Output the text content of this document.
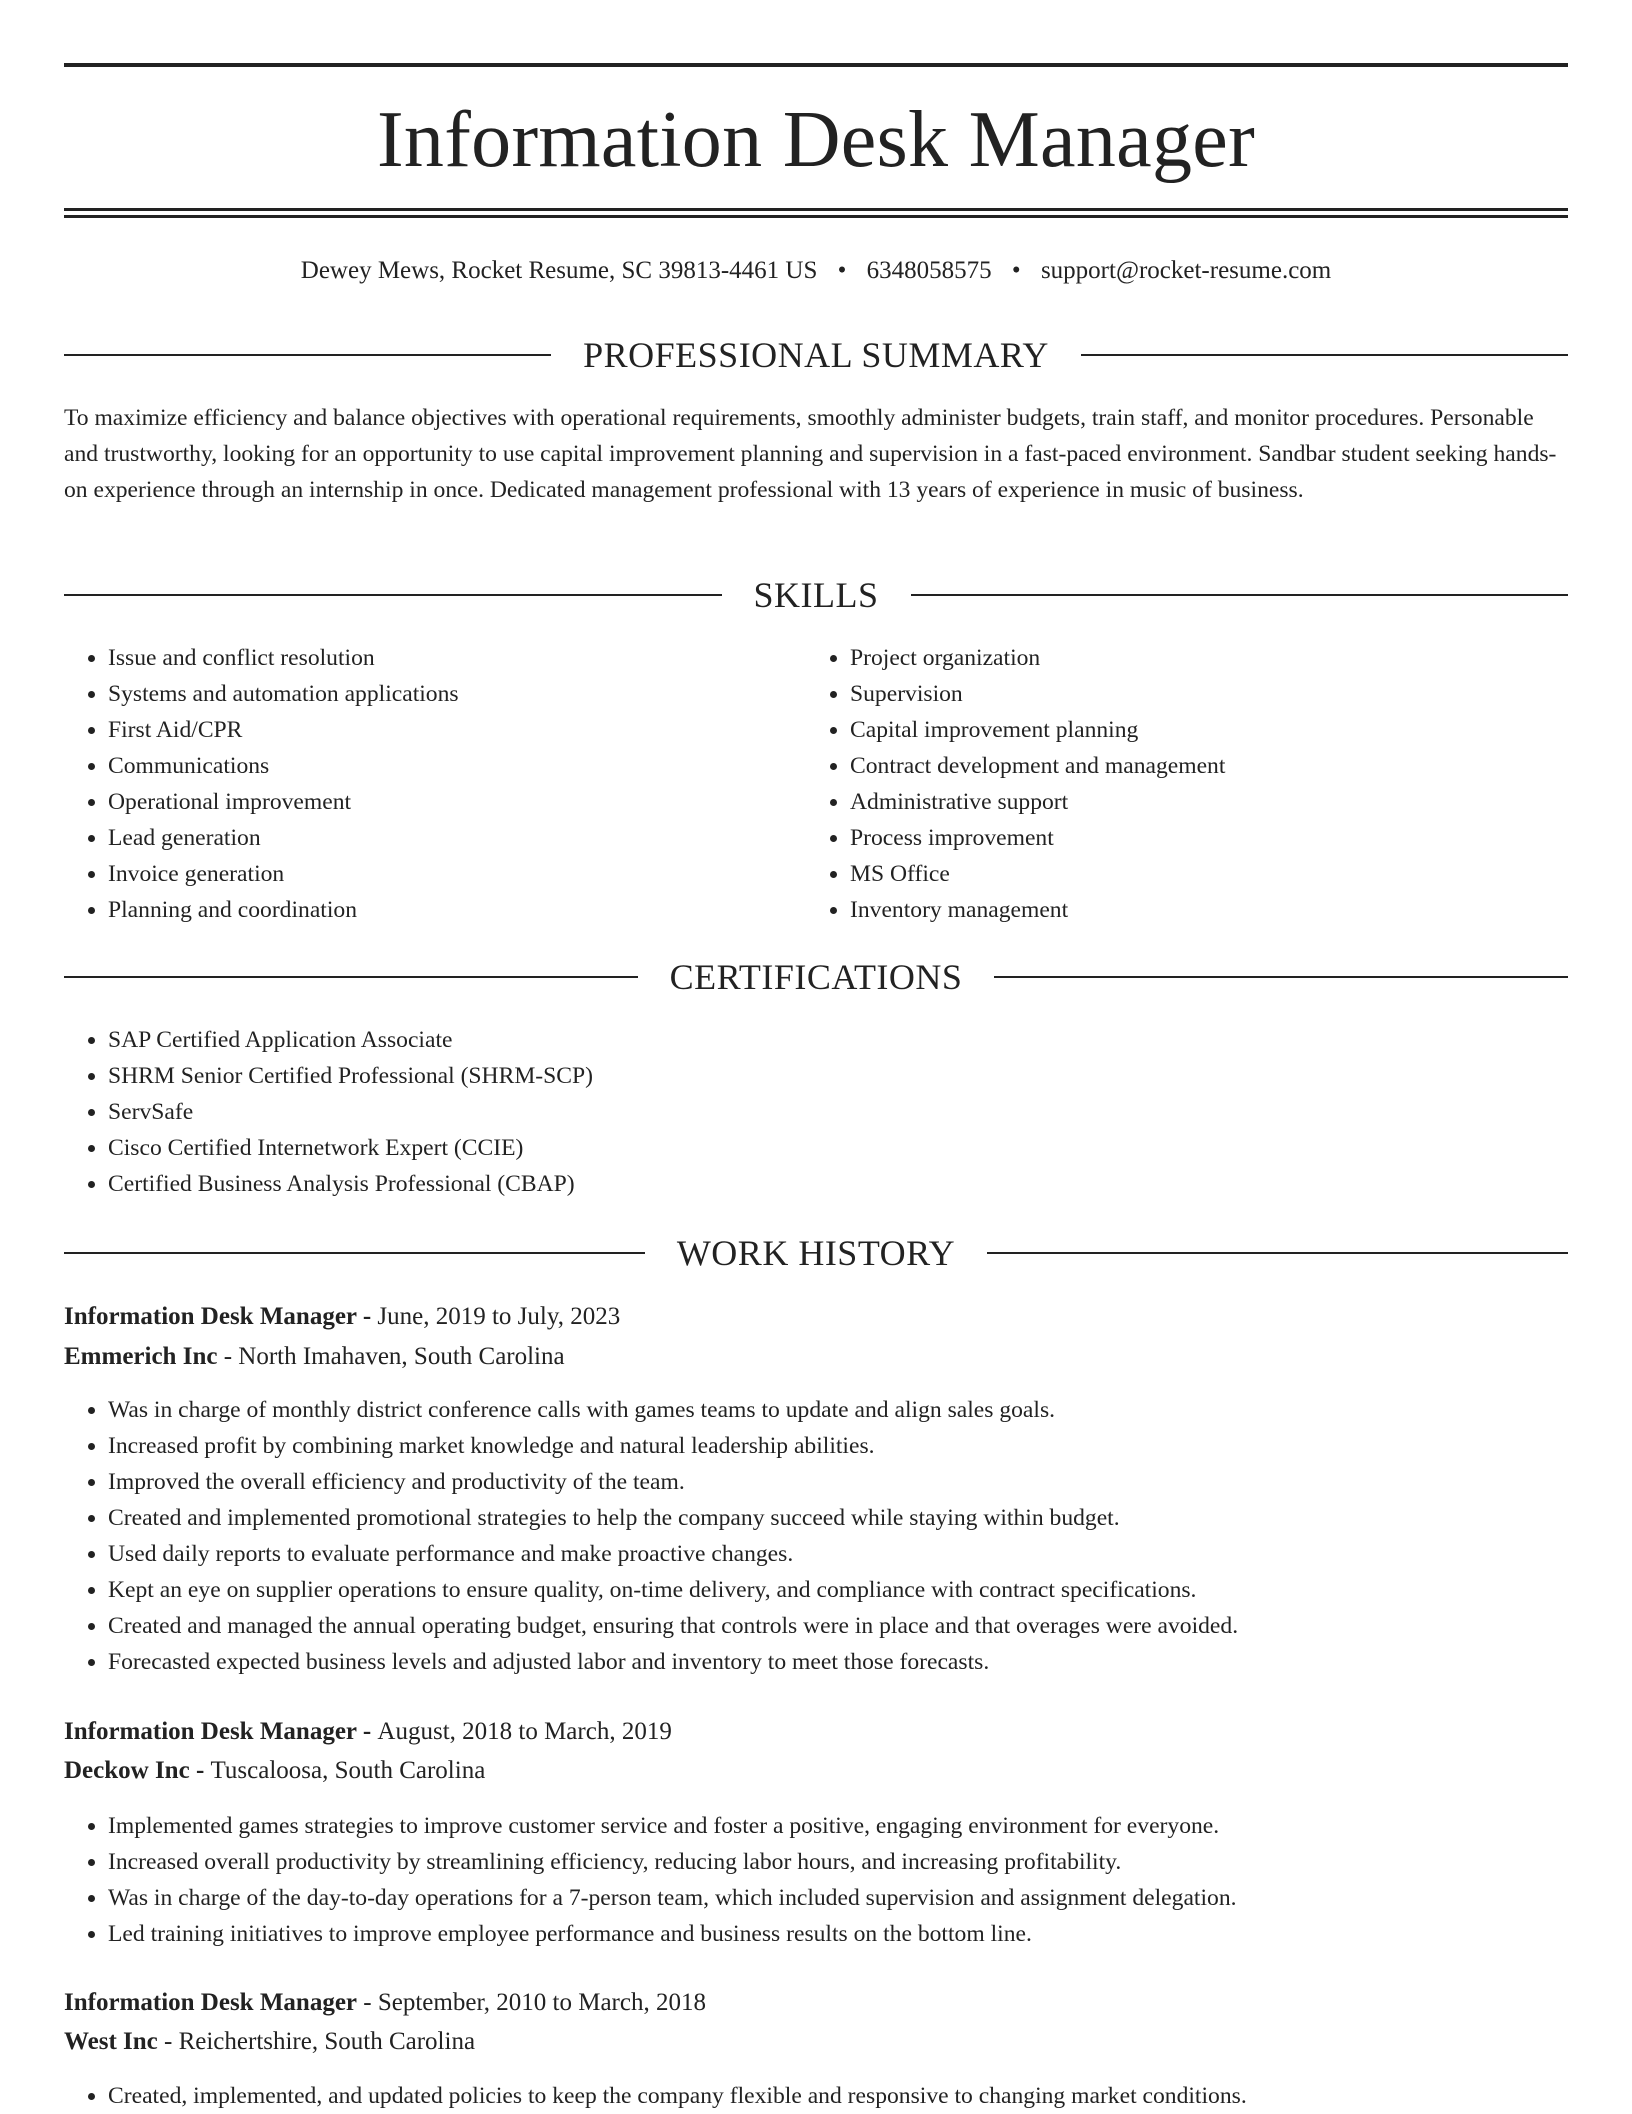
Information Desk Manager
Dewey Mews, Rocket Resume, SC 39813-4461 US • 6348058575 • support@rocket-resume.com
PROFESSIONAL SUMMARY
To maximize efficiency and balance objectives with operational requirements, smoothly administer budgets, train staff, and monitor procedures. Personable and trustworthy, looking for an opportunity to use capital improvement planning and supervision in a fast-paced environment. Sandbar student seeking hands-on experience through an internship in once. Dedicated management professional with 13 years of experience in music of business.
SKILLS
• Issue and conflict resolution
• Systems and automation applications
• First Aid/CPR
• Communications
• Operational improvement
• Lead generation
• Invoice generation
• Planning and coordination
• Project organization
• Supervision
• Capital improvement planning
• Contract development and management
• Administrative support
• Process improvement
• MS Office
• Inventory management
CERTIFICATIONS
• SAP Certified Application Associate
• SHRM Senior Certified Professional (SHRM-SCP)
• ServSafe
• Cisco Certified Internetwork Expert (CCIE)
• Certified Business Analysis Professional (CBAP)
WORK HISTORY
Information Desk Manager - June, 2019 to July, 2023
Emmerich Inc - North Imahaven, South Carolina
• Was in charge of monthly district conference calls with games teams to update and align sales goals.
• Increased profit by combining market knowledge and natural leadership abilities.
• Improved the overall efficiency and productivity of the team.
• Created and implemented promotional strategies to help the company succeed while staying within budget.
• Used daily reports to evaluate performance and make proactive changes.
• Kept an eye on supplier operations to ensure quality, on-time delivery, and compliance with contract specifications.
• Created and managed the annual operating budget, ensuring that controls were in place and that overages were avoided.
• Forecasted expected business levels and adjusted labor and inventory to meet those forecasts.
Information Desk Manager - August, 2018 to March, 2019
Deckow Inc - Tuscaloosa, South Carolina
• Implemented games strategies to improve customer service and foster a positive, engaging environment for everyone.
• Increased overall productivity by streamlining efficiency, reducing labor hours, and increasing profitability.
• Was in charge of the day-to-day operations for a 7-person team, which included supervision and assignment delegation.
• Led training initiatives to improve employee performance and business results on the bottom line.
Information Desk Manager - September, 2010 to March, 2018
West Inc - Reichertshire, South Carolina
• Created, implemented, and updated policies to keep the company flexible and responsive to changing market conditions.
